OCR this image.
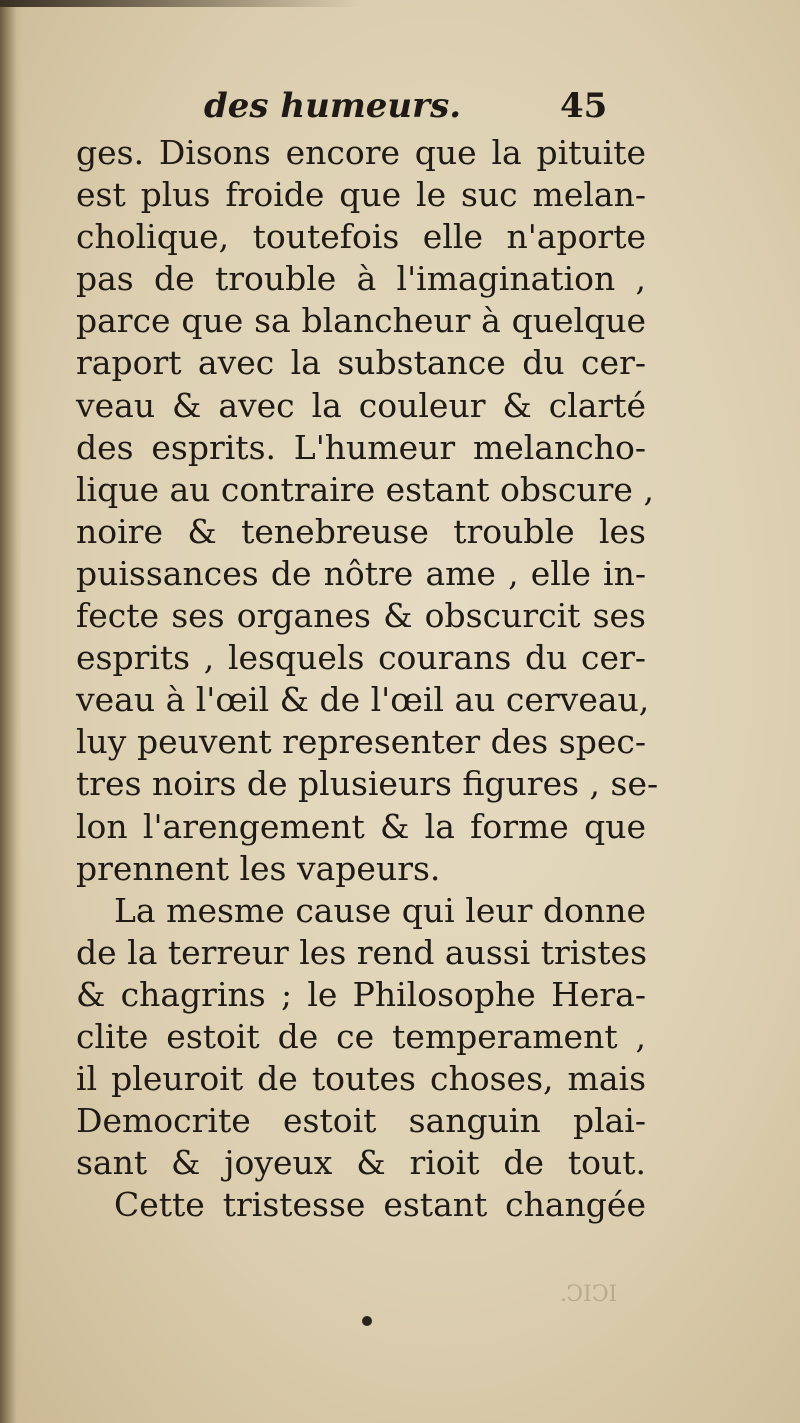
des humeurs.	45
ges. Disons encore que la pituite
est plus froide que le suc melan-
cholique, toutefois elle n'aporte
pas de trouble à l'imagination ,
parce que sa blancheur à quelque
raport avec la substance du cer-
veau & avec la couleur & clarté
des esprits. L'humeur melancho-
lique au contraire estant obscure ,
noire & tenebreuse trouble les
puissances de nôtre ame , elle in-
fecte ses organes & obscurcit ses
esprits , lesquels courans du cer-
veau à l'œil & de l'œil au cerveau,
luy peuvent representer des spec-
tres noirs de plusieurs figures , se-
lon l'arengement & la forme que
prennent les vapeurs.
La mesme cause qui leur donne
de la terreur les rend aussi tristes
& chagrins ; le Philosophe Hera-
clite estoit de ce temperament ,
il pleuroit de toutes choses, mais
Democrite estoit sanguin plai-
sant & joyeux & rioit de tout.
Cette tristesse estant changée
ICIC.
